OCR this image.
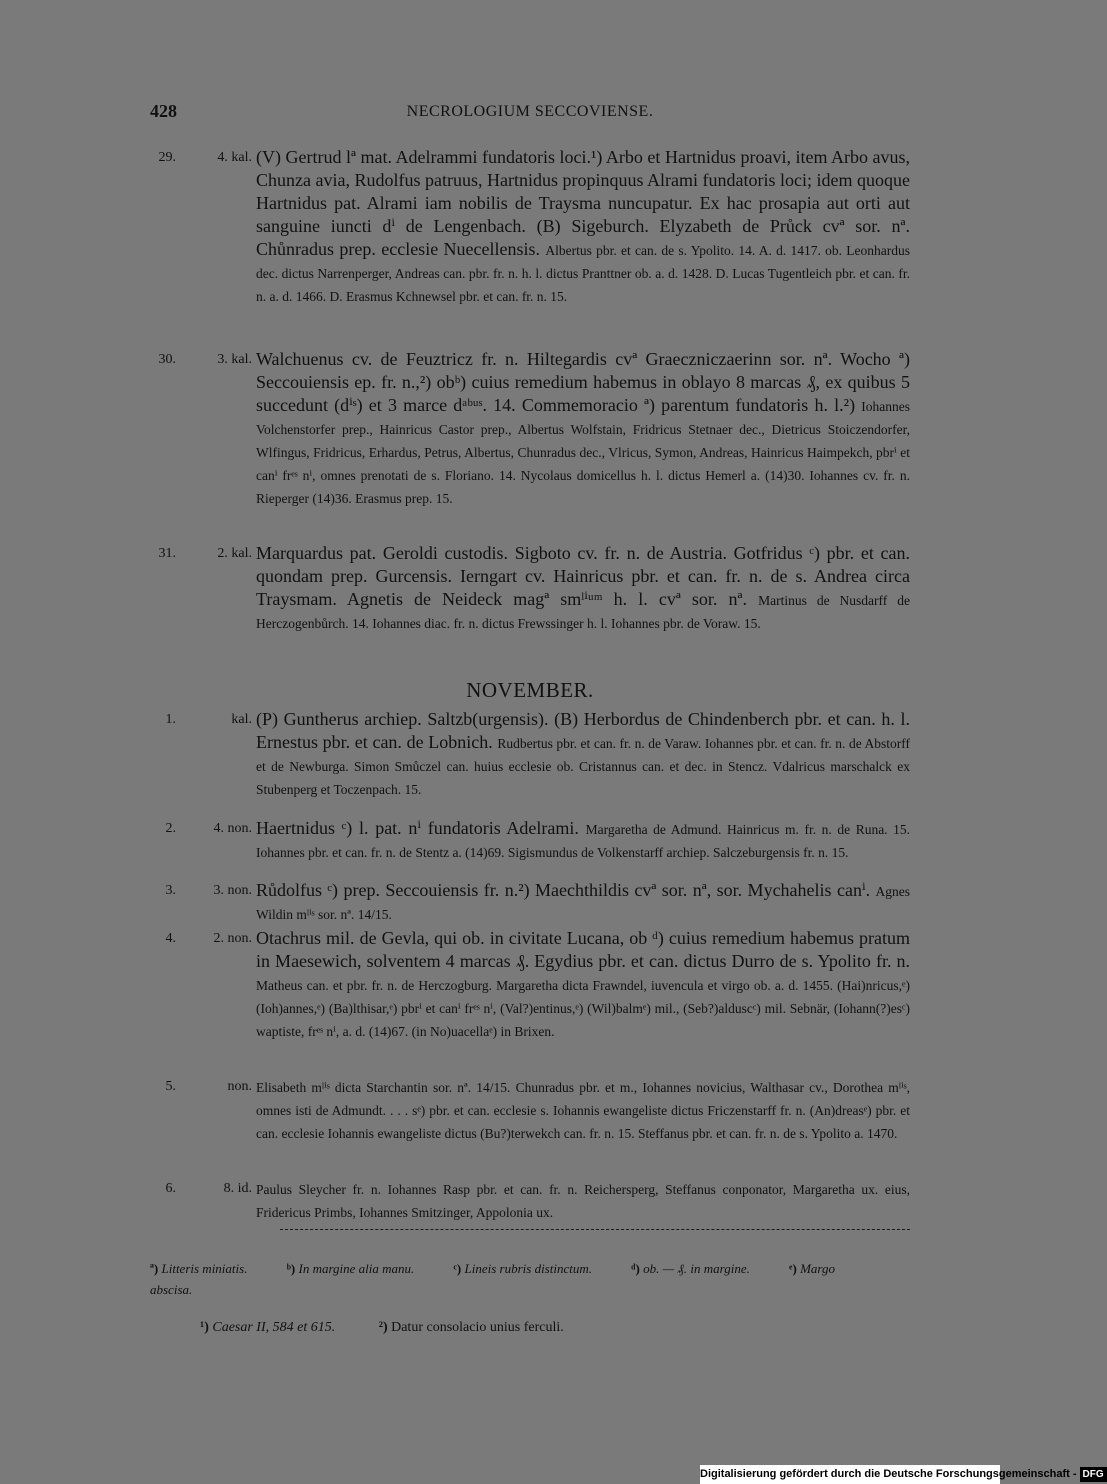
428	NECROLOGIUM SECCOVIENSE.
29.	4. kal. (V) Gertrud lª mat. Adelrammi fundatoris loci.¹) Arbo et Hartnidus proavi, item Arbo avus, Chunza avia, Rudolfus patruus, Hartnidus propinquus Alrami fundatoris loci; idem quoque Hartnidus pat. Alrami iam nobilis de Traysma nuncupatur. Ex hac prosapia aut orti aut sanguine iuncti dⁱ de Lengenbach. (B) Sigeburch. Elyzabeth de Průck cvª sor. nª. Chůnradus prep. ecclesie Nuecellensis. Albertus pbr. et can. de s. Ypolito. 14. A. d. 1417. ob. Leonhardus dec. dictus Narrenperger, Andreas can. pbr. fr. n. h. l. dictus Pranttner ob. a. d. 1428. D. Lucas Tugentleich pbr. et can. fr. n. a. d. 1466. D. Erasmus Kchnewsel pbr. et can. fr. n. 15.
30.	3. kal. Walchuenus cv. de Feuztricz fr. n. Hiltegardis cvª Graeczniczaerinn sor. nª. Wocho ª) Seccouiensis ep. fr. n.,²) obᵇ) cuius remedium habemus in oblayo 8 marcas ₰, ex quibus 5 succedunt (dⁱˢ) et 3 marce dᵃᵇᵘˢ. 14. Commemoracio ª) parentum fundatoris h. l.²) Iohannes Volchenstorfer prep., Hainricus Castor prep., Albertus Wolfstain, Fridricus Stetnaer dec., Dietricus Stoiczendorfer, Wlfingus, Fridricus, Erhardus, Petrus, Albertus, Chunradus dec., Vlricus, Symon, Andreas, Hainricus Haimpekch, pbrⁱ et canⁱ frᵉˢ nⁱ, omnes prenotati de s. Floriano. 14. Nycolaus domicellus h. l. dictus Hemerl a. (14)30. Iohannes cv. fr. n. Rieperger (14)36. Erasmus prep. 15.
31.	2. kal. Marquardus pat. Geroldi custodis. Sigboto cv. fr. n. de Austria. Gotfridus ᶜ) pbr. et can. quondam prep. Gurcensis. Ierngart cv. Hainricus pbr. et can. fr. n. de s. Andrea circa Traysmam. Agnetis de Neideck magª smˡⁱᵘᵐ h. l. cvª sor. nª. Martinus de Nusdarff de Herczogenbůrch. 14. Iohannes diac. fr. n. dictus Frewssinger h. l. Iohannes pbr. de Voraw. 15.
NOVEMBER.
1.	kal. (P) Guntherus archiep. Saltzb(urgensis). (B) Herbordus de Chindenberch pbr. et can. h. l. Ernestus pbr. et can. de Lobnich. Rudbertus pbr. et can. fr. n. de Varaw. Iohannes pbr. et can. fr. n. de Abstorff et de Newburga. Simon Smůczel can. huius ecclesie ob. Cristannus can. et dec. in Stencz. Vdalricus marschalck ex Stubenperg et Toczenpach. 15.
2.	4. non. Haertnidus ᶜ) l. pat. nⁱ fundatoris Adelrami. Margaretha de Admund. Hainricus m. fr. n. de Runa. 15. Iohannes pbr. et can. fr. n. de Stentz a. (14)69. Sigismundus de Volkenstarff archiep. Salczeburgensis fr. n. 15.
3.	3. non. Růdolfus ᶜ) prep. Seccouiensis fr. n.²) Maechthildis cvª sor. nª, sor. Mychahelis canⁱ. Agnes Wildin mˡⁱˢ sor. nª. 14/15.
4.	2. non. Otachrus mil. de Gevla, qui ob. in civitate Lucana, ob ᵈ) cuius remedium habemus pratum in Maesewich, solventem 4 marcas ₰. Egydius pbr. et can. dictus Durro de s. Ypolito fr. n. Matheus can. et pbr. fr. n. de Herczogburg. Margaretha dicta Frawndel, iuvencula et virgo ob. a. d. 1455. (Hai)nricus,ᵉ) (Ioh)annes,ᵉ) (Ba)lthisar,ᵉ) pbrⁱ et canⁱ frᵉˢ nⁱ, (Val?)entinus,ᵉ) (Wil)balmᵉ) mil., (Seb?)alduscᶜ) mil. Sebnär, (Iohann(?)esᶜ) waptiste, frᵉˢ nⁱ, a. d. (14)67. (in No)uacellaᵉ) in Brixen.
5.	non. Elisabeth mˡⁱˢ dicta Starchantin sor. nª. 14/15. Chunradus pbr. et m., Iohannes novicius, Walthasar cv., Dorothea mˡⁱˢ, omnes isti de Admundt. . . . sᵉ) pbr. et can. ecclesie s. Iohannis ewangeliste dictus Friczenstarff fr. n. (An)dreasᵉ) pbr. et can. ecclesie Iohannis ewangeliste dictus (Bu?)terwekch can. fr. n. 15. Steffanus pbr. et can. fr. n. de s. Ypolito a. 1470.
6.	8. id. Paulus Sleycher fr. n. Iohannes Rasp pbr. et can. fr. n. Reichersperg, Steffanus conponator, Margaretha ux. eius, Fridericus Primbs, Iohannes Smitzinger, Appolonia ux.
ª) Litteris miniatis.	ᵇ) In margine alia manu.	ᶜ) Lineis rubris distinctum.	ᵈ) ob. — ₰. in margine.	ᵉ) Margo abscisa.
¹) Caesar II, 584 et 615.	²) Datur consolacio unius ferculi.
Digitalisierung gefördert durch die Deutsche Forschungsgemeinschaft - DFG
